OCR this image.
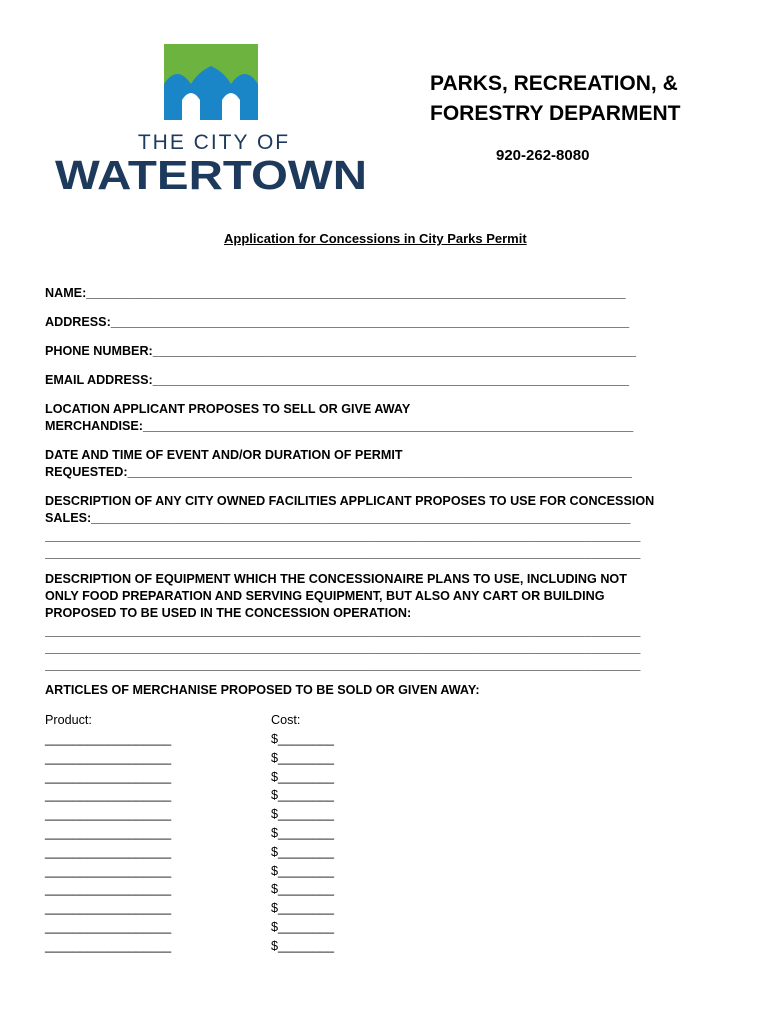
THE CITY OF
WATERTOWN
PARKS, RECREATION, &
FORESTRY DEPARMENT
920-262-8080
Application for Concessions in City Parks Permit
NAME:_____________________________________________________________________________
ADDRESS:__________________________________________________________________________
PHONE NUMBER:_____________________________________________________________________
EMAIL ADDRESS:____________________________________________________________________
LOCATION APPLICANT PROPOSES TO SELL OR GIVE AWAY
MERCHANDISE:______________________________________________________________________
DATE AND TIME OF EVENT AND/OR DURATION OF PERMIT
REQUESTED:________________________________________________________________________
DESCRIPTION OF ANY CITY OWNED FACILITIES APPLICANT PROPOSES TO USE FOR CONCESSION
SALES:_____________________________________________________________________________
_____________________________________________________________________________________
_____________________________________________________________________________________
DESCRIPTION OF EQUIPMENT WHICH THE CONCESSIONAIRE PLANS TO USE, INCLUDING NOT
ONLY FOOD PREPARATION AND SERVING EQUIPMENT, BUT ALSO ANY CART OR BUILDING
PROPOSED TO BE USED IN THE CONCESSION OPERATION:
_____________________________________________________________________________________
_____________________________________________________________________________________
_____________________________________________________________________________________
ARTICLES OF MERCHANISE PROPOSED TO BE SOLD OR GIVEN AWAY:
Product:	Cost:
__________________
__________________
__________________
__________________
__________________
__________________
__________________
__________________
__________________
__________________
__________________
__________________
$________
$________
$________
$________
$________
$________
$________
$________
$________
$________
$________
$________
